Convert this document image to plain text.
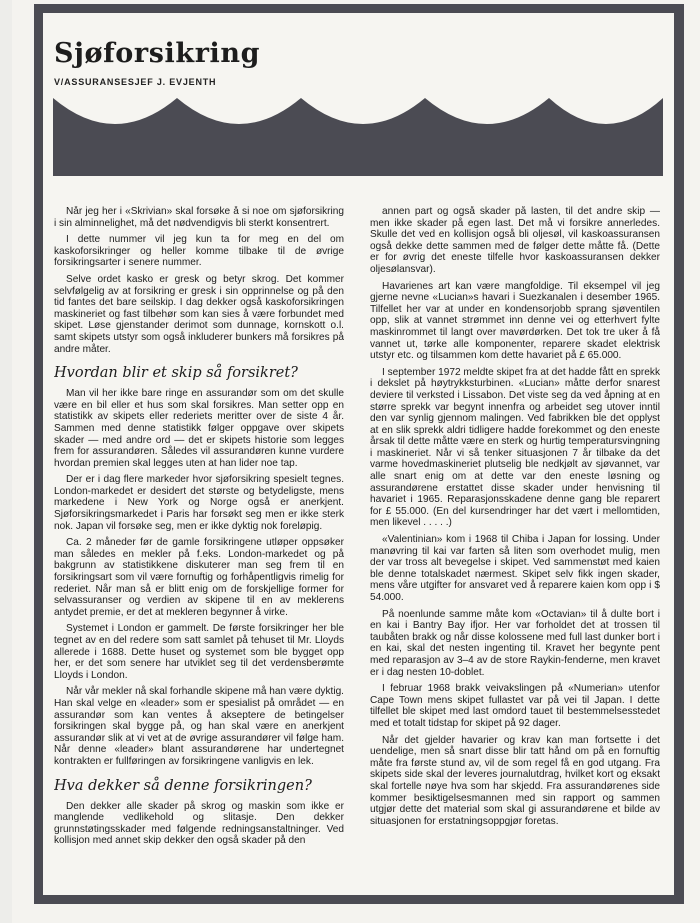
Sjøforsikring

V/ASSURANSESJEF J. EVJENTH

Når jeg her i «Skrivian» skal forsøke å si noe om sjøforsikring i sin alminnelighet, må det nødvendigvis bli sterkt konsentrert.

I dette nummer vil jeg kun ta for meg en del om kaskoforsikringer og heller komme tilbake til de øvrige forsikringsarter i senere nummer.

Selve ordet kasko er gresk og betyr skrog. Det kommer selvfølgelig av at forsikring er gresk i sin opprinnelse og på den tid fantes det bare seilskip. I dag dekker også kaskoforsikringen maskineriet og fast tilbehør som kan sies å være forbundet med skipet. Løse gjenstander derimot som dunnage, kornskott o.l. samt skipets utstyr som også inkluderer bunkers må forsikres på andre måter.

Hvordan blir et skip så forsikret?

Man vil her ikke bare ringe en assurandør som om det skulle være en bil eller et hus som skal forsikres. Man setter opp en statistikk av skipets eller rederiets meritter over de siste 4 år. Sammen med denne statistikk følger oppgave over skipets skader — med andre ord — det er skipets historie som legges frem for assurandøren. Således vil assurandøren kunne vurdere hvordan premien skal legges uten at han lider noe tap.

Der er i dag flere markeder hvor sjøforsikring spesielt tegnes. London-markedet er desidert det største og betydeligste, mens markedene i New York og Norge også er anerkjent. Sjøforsikringsmarkedet i Paris har forsøkt seg men er ikke sterk nok. Japan vil forsøke seg, men er ikke dyktig nok foreløpig.

Ca. 2 måneder før de gamle forsikringene utløper oppsøker man således en mekler på f.eks. London-markedet og på bakgrunn av statistikkene diskuterer man seg frem til en forsikringsart som vil være fornuftig og forhåpentligvis rimelig for rederiet. Når man så er blitt enig om de forskjellige former for selvassuranser og verdien av skipene til en av meklerens antydet premie, er det at mekleren begynner å virke.

Systemet i London er gammelt. De første forsikringer her ble tegnet av en del redere som satt samlet på tehuset til Mr. Lloyds allerede i 1688. Dette huset og systemet som ble bygget opp her, er det som senere har utviklet seg til det verdensberømte Lloyds i London.

Når vår mekler nå skal forhandle skipene må han være dyktig. Han skal velge en «leader» som er spesialist på området — en assurandør som kan ventes å akseptere de betingelser forsikringen skal bygge på, og han skal være en anerkjent assurandør slik at vi vet at de øvrige assurandører vil følge ham. Når denne «leader» blant assurandørene har undertegnet kontrakten er fullføringen av forsikringene vanligvis en lek.

Hva dekker så denne forsikringen?

Den dekker alle skader på skrog og maskin som ikke er manglende vedlikehold og slitasje. Den dekker grunnstøtingsskader med følgende redningsanstaltninger. Ved kollisjon med annet skip dekker den også skader på den

annen part og også skader på lasten, til det andre skip — men ikke skader på egen last. Det må vi forsikre annerledes. Skulle det ved en kollisjon også bli oljesøl, vil kaskoassuransen også dekke dette sammen med de følger dette måtte få. (Dette er for øvrig det eneste tilfelle hvor kaskoassuransen dekker oljesølansvar).

Havarienes art kan være mangfoldige. Til eksempel vil jeg gjerne nevne «Lucian»s havari i Suezkanalen i desember 1965. Tilfellet her var at under en kondensorjobb sprang sjøventilen opp, slik at vannet strømmet inn denne vei og etterhvert fylte maskinrommet til langt over mavørdørken. Det tok tre uker å få vannet ut, tørke alle komponenter, reparere skadet elektrisk utstyr etc. og tilsammen kom dette havariet på £ 65.000.

I september 1972 meldte skipet fra at det hadde fått en sprekk i dekslet på høytrykksturbinen. «Lucian» måtte derfor snarest deviere til verksted i Lissabon. Det viste seg da ved åpning at en større sprekk var begynt innenfra og arbeidet seg utover inntil den var synlig gjennom malingen. Ved fabrikken ble det opplyst at en slik sprekk aldri tidligere hadde forekommet og den eneste årsak til dette måtte være en sterk og hurtig temperatursvingning i maskineriet. Når vi så tenker situasjonen 7 år tilbake da det varme hovedmaskineriet plutselig ble nedkjølt av sjøvannet, var alle snart enig om at dette var den eneste løsning og assurandørene erstattet disse skader under henvisning til havariet i 1965. Reparasjonsskadene denne gang ble reparert for £ 55.000. (En del kursendringer har det vært i mellomtiden, men likevel . . . . .)

«Valentinian» kom i 1968 til Chiba i Japan for lossing. Under manøvring til kai var farten så liten som overhodet mulig, men der var tross alt bevegelse i skipet. Ved sammenstøt med kaien ble denne totalskadet nærmest. Skipet selv fikk ingen skader, mens våre utgifter for ansvaret ved å reparere kaien kom opp i $ 54.000.

På noenlunde samme måte kom «Octavian» til å dulte bort i en kai i Bantry Bay ifjor. Her var forholdet det at trossen til taubåten brakk og når disse kolossene med full last dunker bort i en kai, skal det nesten ingenting til. Kravet her begynte pent med reparasjon av 3–4 av de store Raykin-fenderne, men kravet er i dag nesten 10-doblet.

I februar 1968 brakk veivakslingen på «Numerian» utenfor Cape Town mens skipet fullastet var på vei til Japan. I dette tilfellet ble skipet med last omdord tauet til bestemmelsesstedet med et totalt tidstap for skipet på 92 dager.

Når det gjelder havarier og krav kan man fortsette i det uendelige, men så snart disse blir tatt hånd om på en fornuftig måte fra første stund av, vil de som regel få en god utgang. Fra skipets side skal der leveres journalutdrag, hvilket kort og eksakt skal fortelle nøye hva som har skjedd. Fra assurandørenes side kommer besiktigelsesmannen med sin rapport og sammen utgjør dette det material som skal gi assurandørene et bilde av situasjonen for erstatningsoppgjør foretas.
